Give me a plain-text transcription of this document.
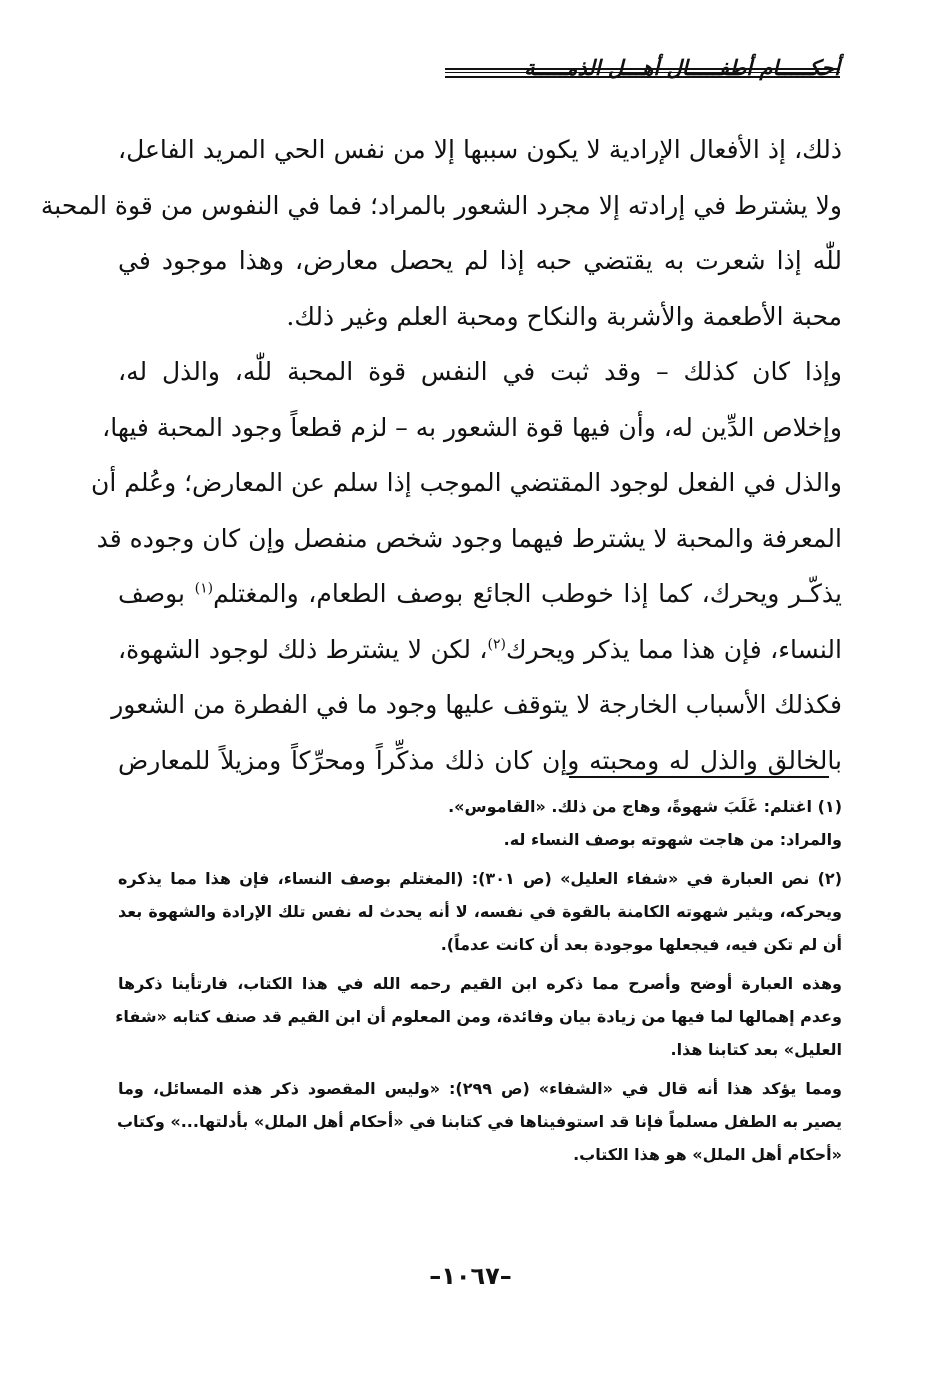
أحكـــــام أطفـــــال أهـــل الذمـــــة

ذلك، إذ الأفعال الإرادية لا يكون سببها إلا من نفس الحي المريد الفاعل،
ولا يشترط في إرادته إلا مجرد الشعور بالمراد؛ فما في النفوس من قوة المحبة
للّٰه إذا شعرت به يقتضي حبه إذا لم يحصل معارض، وهذا موجود في
محبة الأطعمة والأشربة والنكاح ومحبة العلم وغير ذلك.

وإذا كان كذلك – وقد ثبت في النفس قوة المحبة للّٰه، والذل له،
وإخلاص الدِّين له، وأن فيها قوة الشعور به – لزم قطعاً وجود المحبة فيها،
والذل في الفعل لوجود المقتضي الموجب إذا سلم عن المعارض؛ وعُلم أن
المعرفة والمحبة لا يشترط فيهما وجود شخص منفصل وإن كان وجوده قد
يذكّـر ويحرك، كما إذا خوطب الجائع بوصف الطعام، والمغتلم$^{(١)}$ بوصف
النساء، فإن هذا مما يذكر ويحرك$^{(٢)}$، لكن لا يشترط ذلك لوجود الشهوة،
فكذلك الأسباب الخارجة لا يتوقف عليها وجود ما في الفطرة من الشعور
بالخالق والذل له ومحبته وإن كان ذلك مذكِّراً ومحرِّكاً ومزيلاً للمعارض

(١) اغتلم: غَلَبَ شهوةً، وهاج من ذلك. «القاموس».

والمراد: من هاجت شهوته بوصف النساء له.

(٢) نص العبارة في «شفاء العليل» (ص ٣٠١): (المغتلم بوصف النساء، فإن هذا مما يذكره
ويحركه، ويثير شهوته الكامنة بالقوة في نفسه، لا أنه يحدث له نفس تلك الإرادة والشهوة بعد
أن لم تكن فيه، فيجعلها موجودة بعد أن كانت عدماً).

وهذه العبارة أوضح وأصرح مما ذكره ابن القيم رحمه الله في هذا الكتاب، فارتأينا ذكرها
وعدم إهمالها لما فيها من زيادة بيان وفائدة، ومن المعلوم أن ابن القيم قد صنف كتابه «شفاء
العليل» بعد كتابنا هذا.

ومما يؤكد هذا أنه قال في «الشفاء» (ص ٢٩٩): «وليس المقصود ذكر هذه المسائل، وما
يصير به الطفل مسلماً فإنا قد استوفيناها في كتابنا في «أحكام أهل الملل» بأدلتها...» وكتاب
«أحكام أهل الملل» هو هذا الكتاب.

–١٠٦٧–
